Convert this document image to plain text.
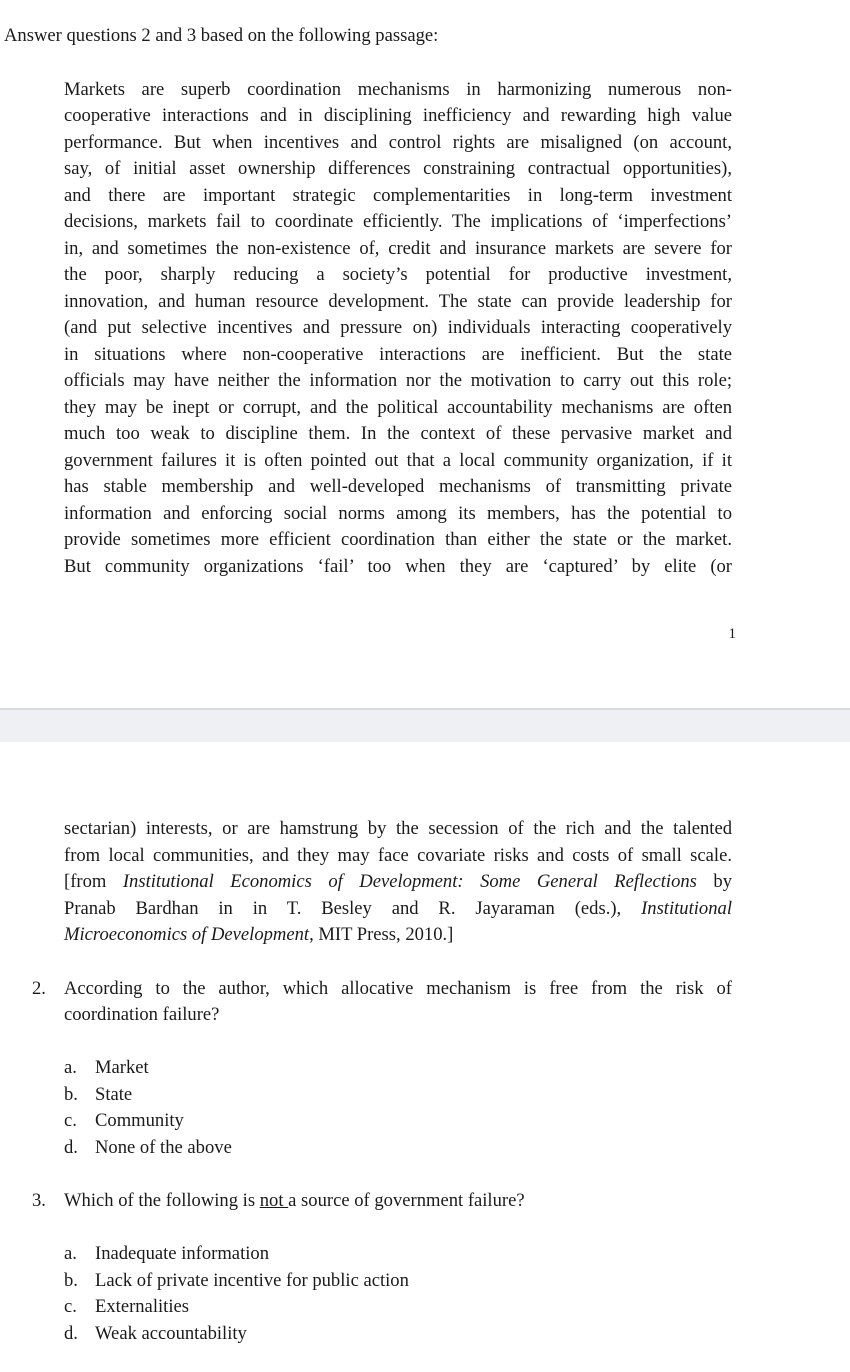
Answer questions 2 and 3 based on the following passage:
Markets are superb coordination mechanisms in harmonizing numerous non-
cooperative interactions and in disciplining inefficiency and rewarding high value
performance. But when incentives and control rights are misaligned (on account,
say, of initial asset ownership differences constraining contractual opportunities),
and there are important strategic complementarities in long-term investment
decisions, markets fail to coordinate efficiently. The implications of ‘imperfections’
in, and sometimes the non-existence of, credit and insurance markets are severe for
the poor, sharply reducing a society’s potential for productive investment,
innovation, and human resource development. The state can provide leadership for
(and put selective incentives and pressure on) individuals interacting cooperatively
in situations where non-cooperative interactions are inefficient. But the state
officials may have neither the information nor the motivation to carry out this role;
they may be inept or corrupt, and the political accountability mechanisms are often
much too weak to discipline them. In the context of these pervasive market and
government failures it is often pointed out that a local community organization, if it
has stable membership and well-developed mechanisms of transmitting private
information and enforcing social norms among its members, has the potential to
provide sometimes more efficient coordination than either the state or the market.
But community organizations ‘fail’ too when they are ‘captured’ by elite (or
1
sectarian) interests, or are hamstrung by the secession of the rich and the talented
from local communities, and they may face covariate risks and costs of small scale.
[from Institutional Economics of Development: Some General Reflections by
Pranab Bardhan in in T. Besley and R. Jayaraman (eds.), Institutional
Microeconomics of Development, MIT Press, 2010.]
2. According to the author, which allocative mechanism is free from the risk of
coordination failure?
a. Market
b. State
c. Community
d. None of the above
3. Which of the following is not a source of government failure?
a. Inadequate information
b. Lack of private incentive for public action
c. Externalities
d. Weak accountability
